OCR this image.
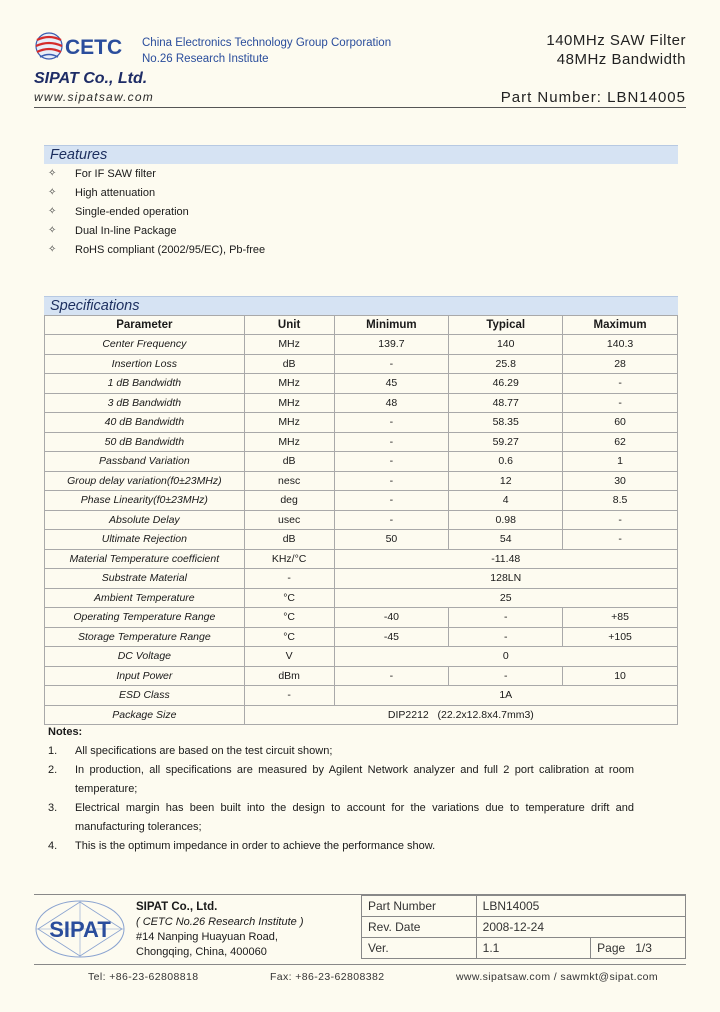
CETC China Electronics Technology Group Corporation
No.26 Research Institute
SIPAT Co., Ltd.
www.sipatsaw.com
140MHz SAW Filter
48MHz Bandwidth
Part Number: LBN14005
Features
✧	For IF SAW filter
✧	High attenuation
✧	Single-ended operation
✧	Dual In-line Package
✧	RoHS compliant (2002/95/EC), Pb-free
Specifications
Parameter	Unit	Minimum	Typical	Maximum
Center Frequency	MHz	139.7	140	140.3
Insertion Loss	dB	-	25.8	28
1 dB Bandwidth	MHz	45	46.29	-
3 dB Bandwidth	MHz	48	48.77	-
40 dB Bandwidth	MHz	-	58.35	60
50 dB Bandwidth	MHz	-	59.27	62
Passband Variation	dB	-	0.6	1
Group delay variation(f0±23MHz)	nesc	-	12	30
Phase Linearity(f0±23MHz)	deg	-	4	8.5
Absolute Delay	usec	-	0.98	-
Ultimate Rejection	dB	50	54	-
Material Temperature coefficient	KHz/°C	-11.48		
Substrate Material	-	128LN		
Ambient Temperature	°C	25		
Operating Temperature Range	°C	-40	-	+85
Storage Temperature Range	°C	-45	-	+105
DC Voltage	V	0		
Input Power	dBm	-	-	10
ESD Class	-	1A		
Package Size	DIP2212   (22.2x12.8x4.7mm3)			
Notes:
1.	All specifications are based on the test circuit shown;
2.	In production, all specifications are measured by Agilent Network analyzer and full 2 port calibration at room temperature;
3.	Electrical margin has been built into the design to account for the variations due to temperature drift and manufacturing tolerances;
4.	This is the optimum impedance in order to achieve the performance show.
SIPAT
SIPAT Co., Ltd.
( CETC No.26 Research Institute )
#14 Nanping Huayuan Road,
Chongqing, China, 400060
Part Number	LBN14005	
Rev. Date	2008-12-24	
Ver.	1.1	Page 1/3
Tel: +86-23-62808818	Fax: +86-23-62808382	www.sipatsaw.com / sawmkt@sipat.com
